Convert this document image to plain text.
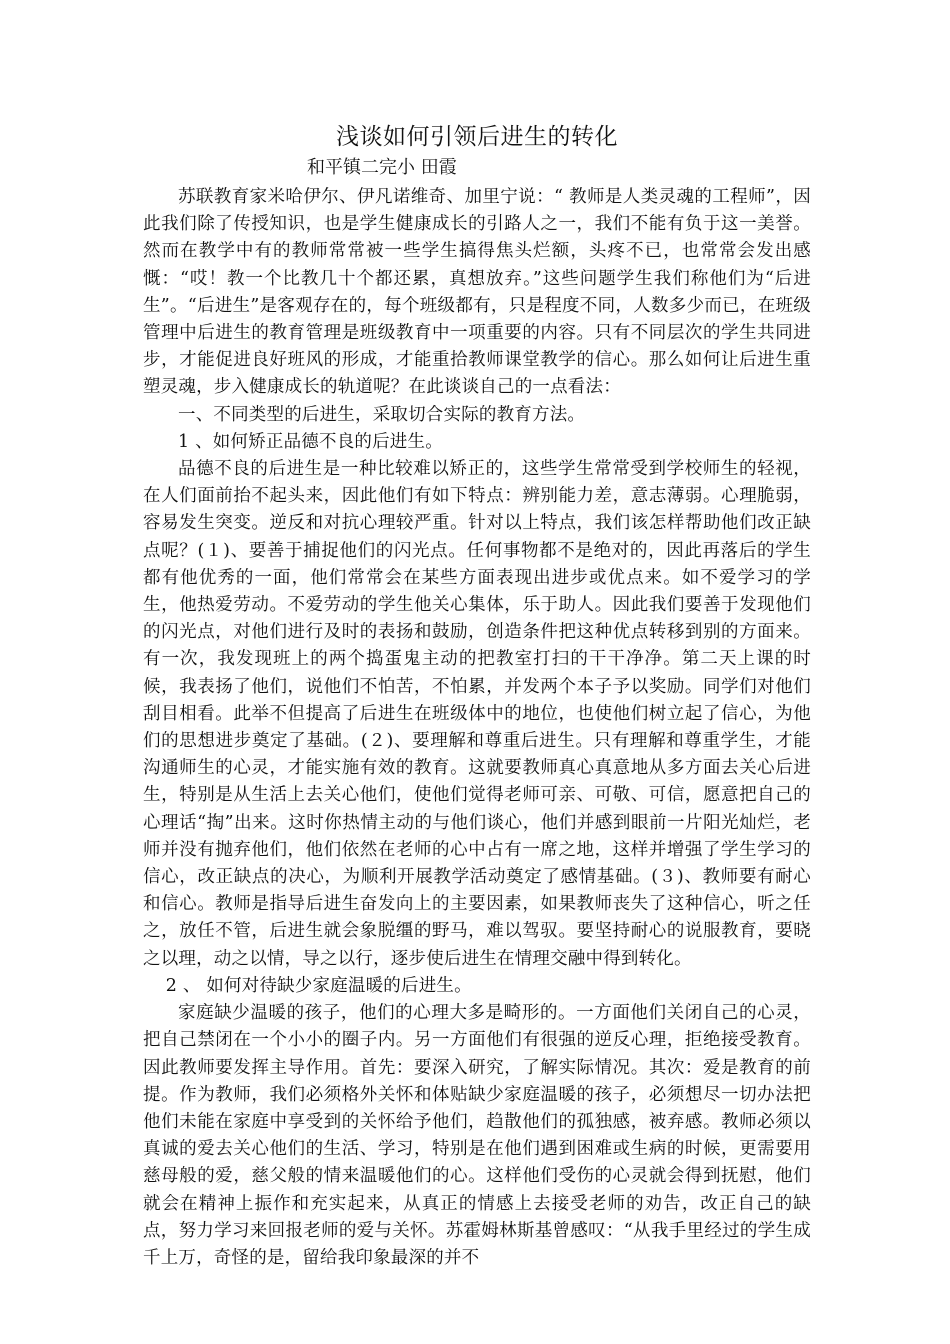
浅谈如何引领后进生的转化

和平镇二完小 田霞

苏联教育家米哈伊尔、伊凡诺维奇、加里宁说：“ 教师是人类灵魂的工程师”，因此我们除了传授知识，也是学生健康成长的引路人之一，我们不能有负于这一美誉。然而在教学中有的教师常常被一些学生搞得焦头烂额，头疼不已，也常常会发出感慨：“哎！教一个比教几十个都还累，真想放弃。”这些问题学生我们称他们为“后进生”。“后进生”是客观存在的，每个班级都有，只是程度不同，人数多少而已，在班级管理中后进生的教育管理是班级教育中一项重要的内容。只有不同层次的学生共同进步，才能促进良好班风的形成，才能重拾教师课堂教学的信心。那么如何让后进生重塑灵魂，步入健康成长的轨道呢？在此谈谈自己的一点看法：

一、不同类型的后进生，采取切合实际的教育方法。

1 、如何矫正品德不良的后进生。

品德不良的后进生是一种比较难以矫正的，这些学生常常受到学校师生的轻视，在人们面前抬不起头来，因此他们有如下特点：辨别能力差，意志薄弱。心理脆弱，容易发生突变。逆反和对抗心理较严重。针对以上特点，我们该怎样帮助他们改正缺点呢？(１)、要善于捕捉他们的闪光点。任何事物都不是绝对的，因此再落后的学生都有他优秀的一面，他们常常会在某些方面表现出进步或优点来。如不爱学习的学生，他热爱劳动。不爱劳动的学生他关心集体，乐于助人。因此我们要善于发现他们的闪光点，对他们进行及时的表扬和鼓励，创造条件把这种优点转移到别的方面来。有一次，我发现班上的两个捣蛋鬼主动的把教室打扫的干干净净。第二天上课的时候，我表扬了他们，说他们不怕苦，不怕累，并发两个本子予以奖励。同学们对他们刮目相看。此举不但提高了后进生在班级体中的地位，也使他们树立起了信心，为他们的思想进步奠定了基础。(２)、要理解和尊重后进生。只有理解和尊重学生，才能沟通师生的心灵，才能实施有效的教育。这就要教师真心真意地从多方面去关心后进生，特别是从生活上去关心他们，使他们觉得老师可亲、可敬、可信，愿意把自己的心理话“掏”出来。这时你热情主动的与他们谈心，他们并感到眼前一片阳光灿烂，老师并没有抛弃他们，他们依然在老师的心中占有一席之地，这样并增强了学生学习的信心，改正缺点的决心，为顺利开展教学活动奠定了感情基础。(３)、教师要有耐心和信心。教师是指导后进生奋发向上的主要因素，如果教师丧失了这种信心，听之任之，放任不管，后进生就会象脱缰的野马，难以驾驭。要坚持耐心的说服教育，要晓之以理，动之以情，导之以行，逐步使后进生在情理交融中得到转化。

2 、 如何对待缺少家庭温暖的后进生。

家庭缺少温暖的孩子，他们的心理大多是畸形的。一方面他们关闭自己的心灵，把自己禁闭在一个小小的圈子内。另一方面他们有很强的逆反心理，拒绝接受教育。因此教师要发挥主导作用。首先：要深入研究，了解实际情况。其次：爱是教育的前提。作为教师，我们必须格外关怀和体贴缺少家庭温暖的孩子，必须想尽一切办法把他们未能在家庭中享受到的关怀给予他们，趋散他们的孤独感，被弃感。教师必须以真诚的爱去关心他们的生活、学习，特别是在他们遇到困难或生病的时候，更需要用慈母般的爱，慈父般的情来温暖他们的心。这样他们受伤的心灵就会得到抚慰，他们就会在精神上振作和充实起来，从真正的情感上去接受老师的劝告，改正自己的缺点，努力学习来回报老师的爱与关怀。苏霍姆林斯基曾感叹：“从我手里经过的学生成千上万，奇怪的是，留给我印象最深的并不
